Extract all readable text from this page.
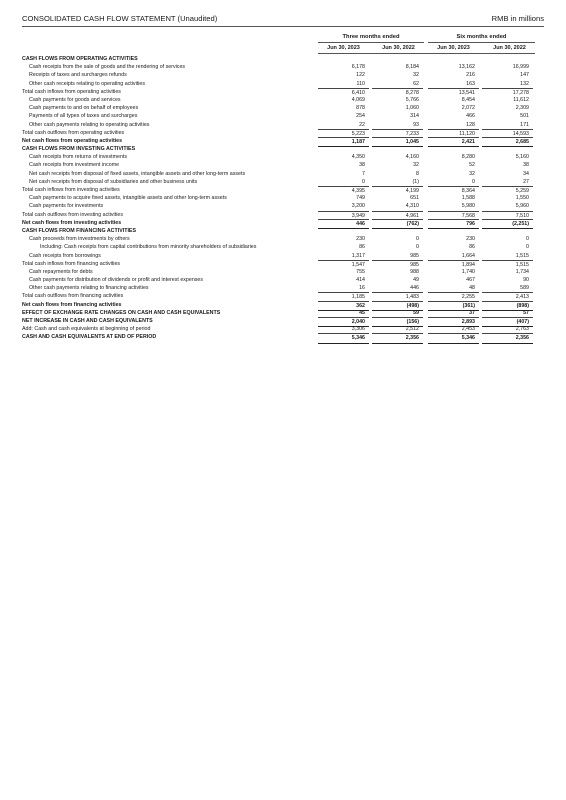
CONSOLIDATED CASH FLOW STATEMENT (Unaudited)	RMB in millions
Three months ended	Six months ended
Jun 30, 2023	Jun 30, 2022	Jun 30, 2023	Jun 30, 2022
CASH FLOWS FROM OPERATING ACTIVITIES
Cash receipts from the sale of goods and the rendering of services	6,178	8,184	13,162	16,999
Receipts of taxes and surcharges refunds	122	32	216	147
Other cash receipts relating to operating activities	110	62	163	132
Total cash inflows from operating activities	6,410	8,278	13,541	17,278
Cash payments for goods and services	4,069	5,766	8,454	11,612
Cash payments to and on behalf of employees	878	1,060	2,072	2,309
Payments of all types of taxes and surcharges	254	314	466	501
Other cash payments relating to operating activities	22	93	128	171
Total cash outflows from operating activities	5,223	7,233	11,120	14,593
Net cash flows from operating activities	1,187	1,045	2,421	2,685
CASH FLOWS FROM INVESTING ACTIVITIES
Cash receipts from returns of investments	4,350	4,160	8,280	5,160
Cash receipts from investment income	38	32	52	38
Net cash receipts from disposal of fixed assets, intangible assets and other long-term assets	7	8	32	34
Net cash receipts from disposal of subsidiaries and other business units	0	(1)	0	27
Total cash inflows from investing activities	4,395	4,199	8,364	5,259
Cash payments to acquire fixed assets, intangible assets and other long-term assets	749	651	1,588	1,550
Cash payments for investments	3,200	4,310	5,980	5,960
Total cash outflows from investing activities	3,949	4,961	7,568	7,510
Net cash flows from investing activities	446	(762)	796	(2,251)
CASH FLOWS FROM FINANCING ACTIVITIES
Cash proceeds from investments by others	230	0	230	0
Including: Cash receipts from capital contributions from minority shareholders of subsidiaries	86	0	86	0
Cash receipts from borrowings	1,317	985	1,664	1,515
Total cash inflows from financing activities	1,547	985	1,894	1,515
Cash repayments for debts	755	988	1,740	1,734
Cash payments for distribution of dividends or profit and interest expenses	414	49	467	90
Other cash payments relating to financing activities	16	446	48	589
Total cash outflows from financing activities	1,185	1,483	2,255	2,413
Net cash flows from financing activities	362	(498)	(361)	(898)
EFFECT OF EXCHANGE RATE CHANGES ON CASH AND CASH EQUIVALENTS	45	59	37	57
NET INCREASE IN CASH AND CASH EQUIVALENTS	2,040	(156)	2,893	(407)
Add: Cash and cash equivalents at beginning of period	3,306	2,512	2,453	2,763
CASH AND CASH EQUIVALENTS AT END OF PERIOD	5,346	2,356	5,346	2,356
